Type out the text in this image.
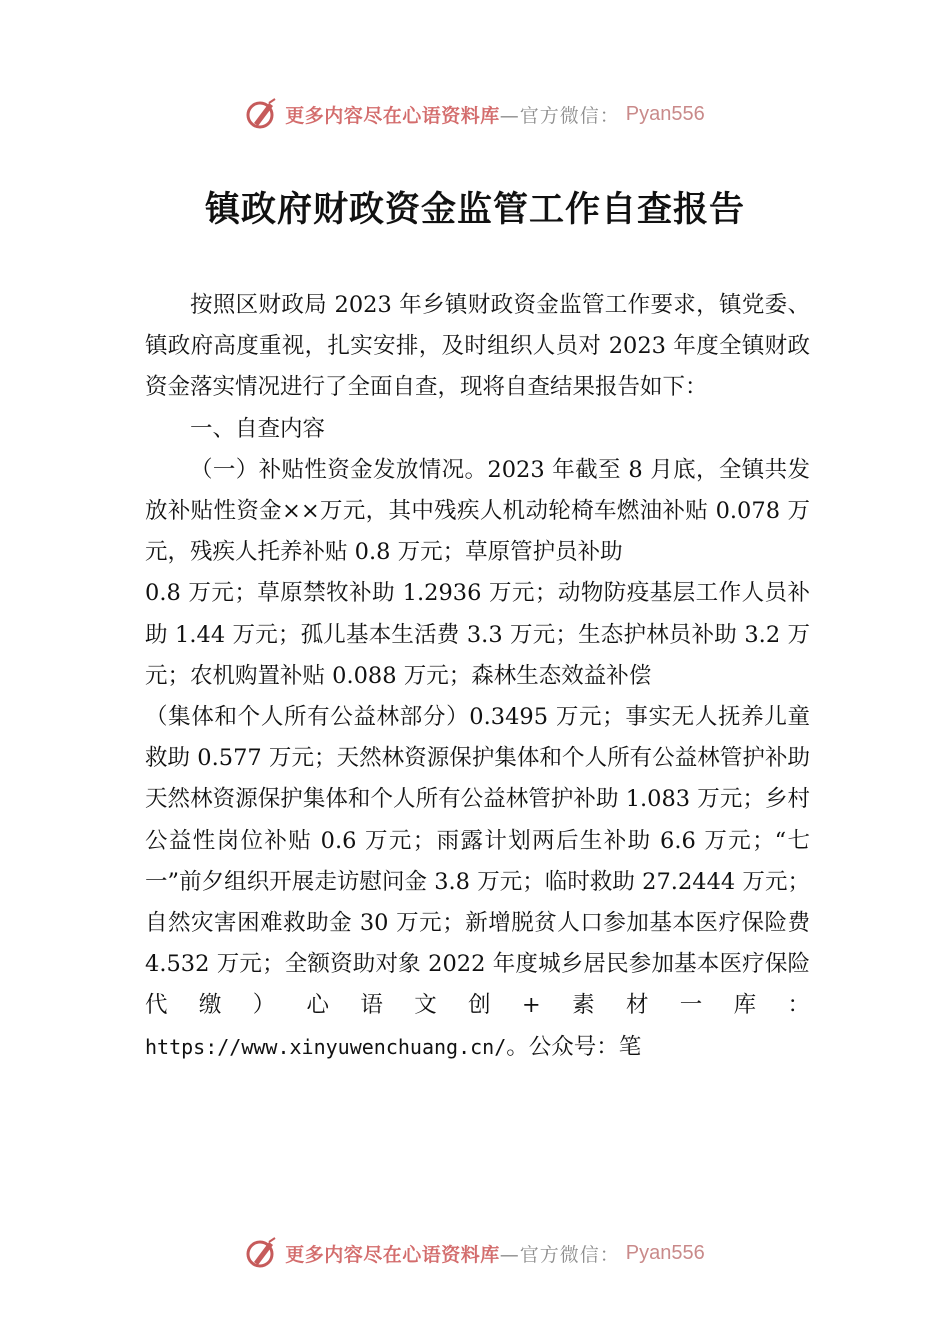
更多内容尽在心语资料库 —官方微信： Pyan556
镇政府财政资金监管工作自查报告

按照区财政局 2023 年乡镇财政资金监管工作要求，镇党委、镇政府高度重视，扎实安排，及时组织人员对 2023 年度全镇财政资金落实情况进行了全面自查，现将自查结果报告如下：

一、自查内容

（一）补贴性资金发放情况。2023 年截至 8 月底，全镇共发放补贴性资金××万元，其中残疾人机动轮椅车燃油补贴 0.078 万元，残疾人托养补贴 0.8 万元；草原管护员补助

0.8 万元；草原禁牧补助 1.2936 万元；动物防疫基层工作人员补助 1.44 万元；孤儿基本生活费 3.3 万元；生态护林员补助 3.2 万元；农机购置补贴 0.088 万元；森林生态效益补偿

（集体和个人所有公益林部分）0.3495 万元；事实无人抚养儿童救助 0.577 万元；天然林资源保护集体和个人所有公益林管护补助天然林资源保护集体和个人所有公益林管护补助 1.083 万元；乡村公益性岗位补贴 0.6 万元；雨露计划两后生补助 6.6 万元；“七一”前夕组织开展走访慰问金 3.8 万元；临时救助 27.2444 万元；自然灾害困难救助金 30 万元；新增脱贫人口参加基本医疗保险费 4.532 万元；全额资助对象 2022 年度城乡居民参加基本医疗保险代缴）心语文创+素材一库：https://www.xinyuwenchuang.cn/。公众号：笔

更多内容尽在心语资料库 —官方微信： Pyan556
